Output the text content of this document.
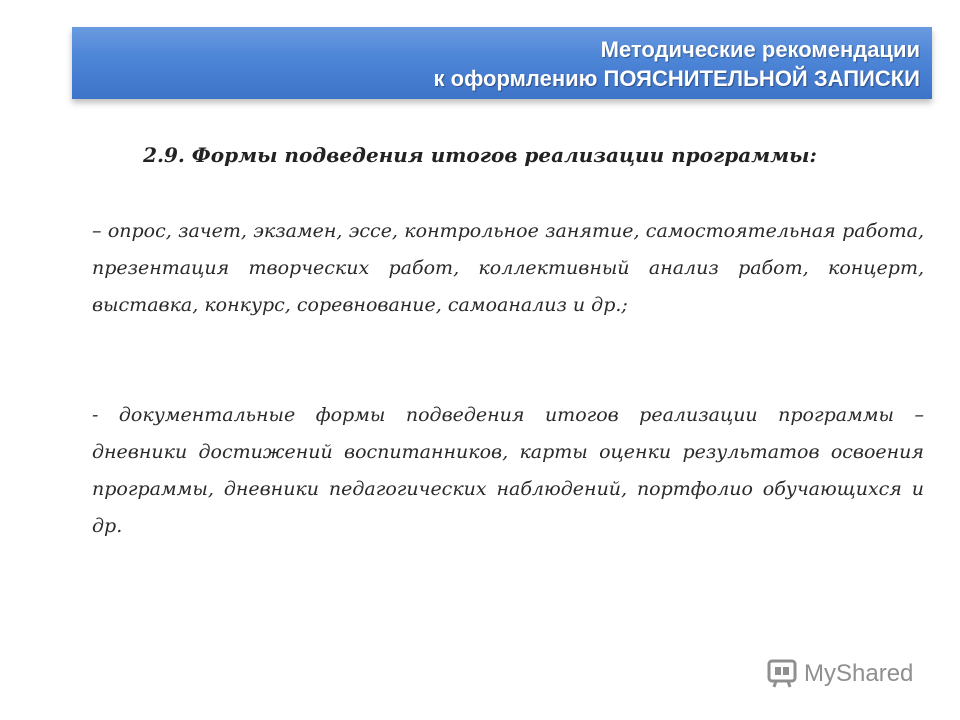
Методические рекомендации
к оформлению ПОЯСНИТЕЛЬНОЙ ЗАПИСКИ
2.9. Формы подведения итогов реализации программы:
– опрос, зачет, экзамен, эссе, контрольное занятие, самостоятельная работа, презентация творческих работ, коллективный анализ работ, концерт, выставка, конкурс, соревнование, самоанализ и др.;
- документальные формы подведения итогов реализации программы – дневники достижений воспитанников, карты оценки результатов освоения программы, дневники педагогических наблюдений, портфолио обучающихся и др.
MyShared
